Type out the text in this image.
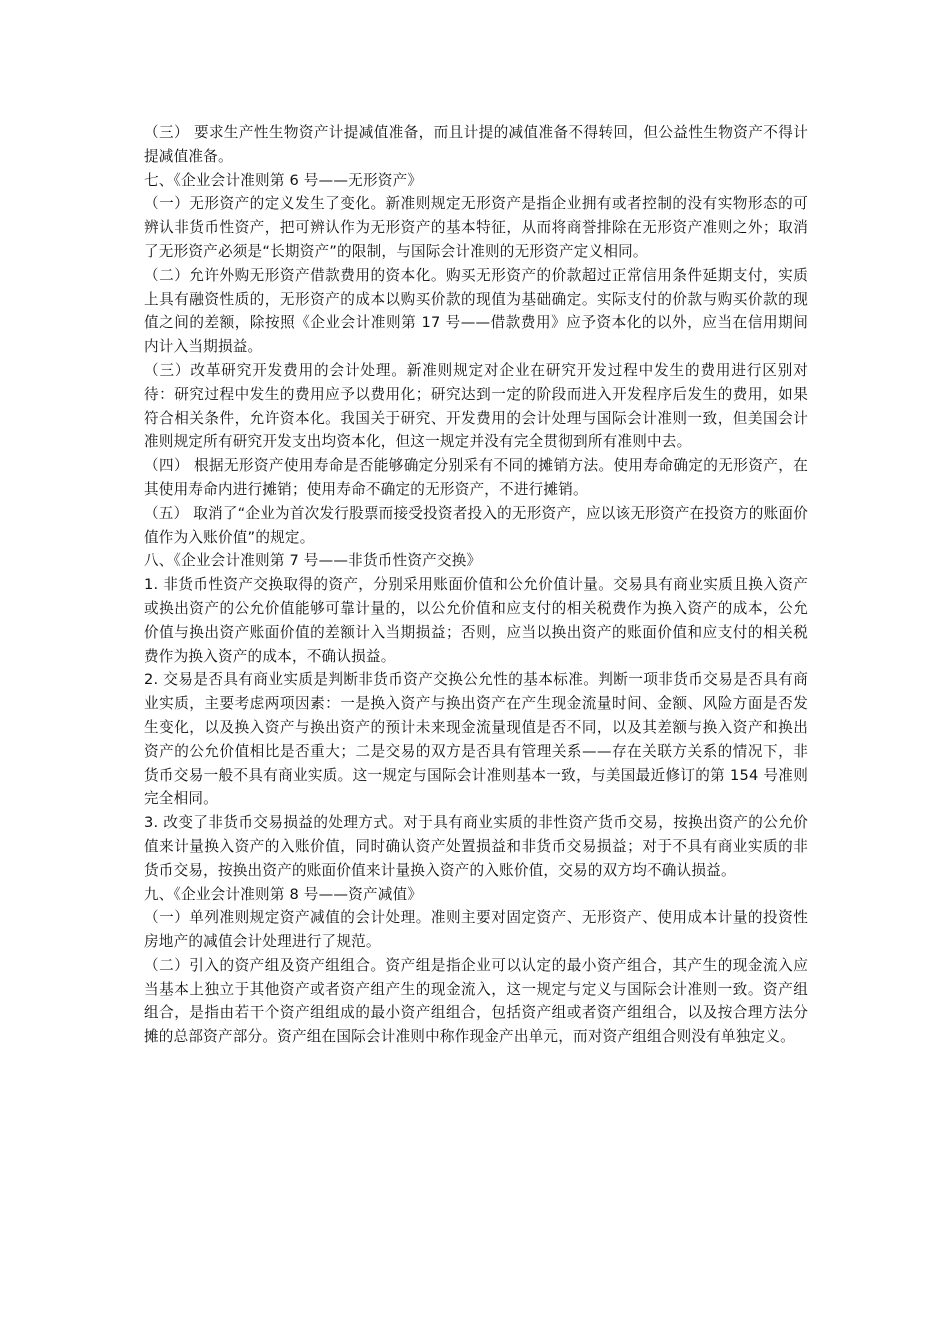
（三） 要求生产性生物资产计提减值准备，而且计提的减值准备不得转回，但公益性生物资产不得计提减值准备。

七、《企业会计准则第 6 号——无形资产》

（一）无形资产的定义发生了变化。新准则规定无形资产是指企业拥有或者控制的没有实物形态的可辨认非货币性资产，把可辨认作为无形资产的基本特征，从而将商誉排除在无形资产准则之外；取消了无形资产必须是“长期资产”的限制，与国际会计准则的无形资产定义相同。

（二）允许外购无形资产借款费用的资本化。购买无形资产的价款超过正常信用条件延期支付，实质上具有融资性质的，无形资产的成本以购买价款的现值为基础确定。实际支付的价款与购买价款的现值之间的差额，除按照《企业会计准则第 17 号——借款费用》应予资本化的以外，应当在信用期间内计入当期损益。

（三）改革研究开发费用的会计处理。新准则规定对企业在研究开发过程中发生的费用进行区别对待：研究过程中发生的费用应予以费用化；研究达到一定的阶段而进入开发程序后发生的费用，如果符合相关条件，允许资本化。我国关于研究、开发费用的会计处理与国际会计准则一致，但美国会计准则规定所有研究开发支出均资本化，但这一规定并没有完全贯彻到所有准则中去。

（四） 根据无形资产使用寿命是否能够确定分别采有不同的摊销方法。使用寿命确定的无形资产，在其使用寿命内进行摊销；使用寿命不确定的无形资产，不进行摊销。

（五） 取消了“企业为首次发行股票而接受投资者投入的无形资产，应以该无形资产在投资方的账面价值作为入账价值”的规定。

八、《企业会计准则第 7 号——非货币性资产交换》

1. 非货币性资产交换取得的资产，分别采用账面价值和公允价值计量。交易具有商业实质且换入资产或换出资产的公允价值能够可靠计量的，以公允价值和应支付的相关税费作为换入资产的成本，公允价值与换出资产账面价值的差额计入当期损益；否则，应当以换出资产的账面价值和应支付的相关税费作为换入资产的成本，不确认损益。

2. 交易是否具有商业实质是判断非货币资产交换公允性的基本标准。判断一项非货币交易是否具有商业实质，主要考虑两项因素：一是换入资产与换出资产在产生现金流量时间、金额、风险方面是否发生变化，以及换入资产与换出资产的预计未来现金流量现值是否不同，以及其差额与换入资产和换出资产的公允价值相比是否重大；二是交易的双方是否具有管理关系——存在关联方关系的情况下，非货币交易一般不具有商业实质。这一规定与国际会计准则基本一致，与美国最近修订的第 154 号准则完全相同。

3. 改变了非货币交易损益的处理方式。对于具有商业实质的非性资产货币交易，按换出资产的公允价值来计量换入资产的入账价值，同时确认资产处置损益和非货币交易损益；对于不具有商业实质的非货币交易，按换出资产的账面价值来计量换入资产的入账价值，交易的双方均不确认损益。

九、《企业会计准则第 8 号——资产减值》

（一）单列准则规定资产减值的会计处理。准则主要对固定资产、无形资产、使用成本计量的投资性房地产的减值会计处理进行了规范。

（二）引入的资产组及资产组组合。资产组是指企业可以认定的最小资产组合，其产生的现金流入应当基本上独立于其他资产或者资产组产生的现金流入，这一规定与定义与国际会计准则一致。资产组组合，是指由若干个资产组组成的最小资产组组合，包括资产组或者资产组组合，以及按合理方法分摊的总部资产部分。资产组在国际会计准则中称作现金产出单元，而对资产组组合则没有单独定义。
